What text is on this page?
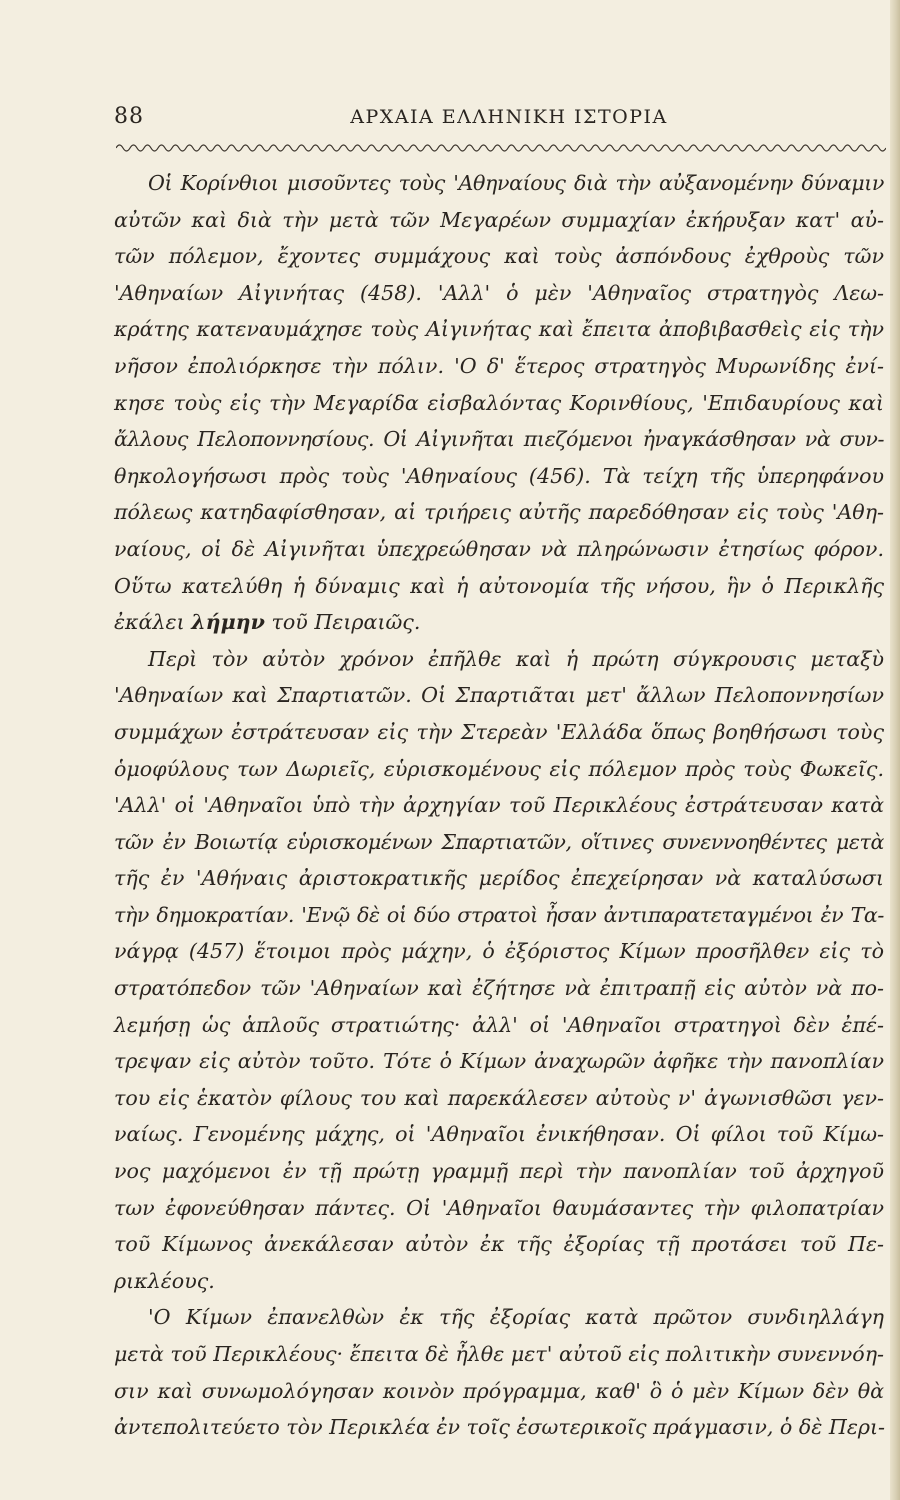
88	ΑΡΧΑΙΑ ΕΛΛΗΝΙΚΗ ΙΣΤΟΡΙΑ
Οἱ Κορίνθιοι μισοῦντες τοὺς 'Αθηναίους διὰ τὴν αὐξανομένην δύναμιν
αὐτῶν καὶ διὰ τὴν μετὰ τῶν Μεγαρέων συμμαχίαν ἐκήρυξαν κατ' αὐ-
τῶν πόλεμον, ἔχοντες συμμάχους καὶ τοὺς ἀσπόνδους ἐχθροὺς τῶν
'Αθηναίων Αἰγινήτας (458). 'Αλλ' ὁ μὲν 'Αθηναῖος στρατηγὸς Λεω-
κράτης κατεναυμάχησε τοὺς Αἰγινήτας καὶ ἔπειτα ἀποβιβασθεὶς εἰς τὴν
νῆσον ἐπολιόρκησε τὴν πόλιν. 'Ο δ' ἕτερος στρατηγὸς Μυρωνίδης ἐνί-
κησε τοὺς εἰς τὴν Μεγαρίδα εἰσβαλόντας Κορινθίους, 'Επιδαυρίους καὶ
ἄλλους Πελοποννησίους. Οἱ Αἰγινῆται πιεζόμενοι ἠναγκάσθησαν νὰ συν-
θηκολογήσωσι πρὸς τοὺς 'Αθηναίους (456). Τὰ τείχη τῆς ὑπερηφάνου
πόλεως κατηδαφίσθησαν, αἱ τριήρεις αὐτῆς παρεδόθησαν εἰς τοὺς 'Αθη-
ναίους, οἱ δὲ Αἰγινῆται ὑπεχρεώθησαν νὰ πληρώνωσιν ἐτησίως φόρον.
Οὕτω κατελύθη ἡ δύναμις καὶ ἡ αὐτονομία τῆς νήσου, ἣν ὁ Περικλῆς
ἐκάλει λήμην τοῦ Πειραιῶς.
Περὶ τὸν αὐτὸν χρόνον ἐπῆλθε καὶ ἡ πρώτη σύγκρουσις μεταξὺ
'Αθηναίων καὶ Σπαρτιατῶν. Οἱ Σπαρτιᾶται μετ' ἄλλων Πελοποννησίων
συμμάχων ἐστράτευσαν εἰς τὴν Στερεὰν 'Ελλάδα ὅπως βοηθήσωσι τοὺς
ὁμοφύλους των Δωριεῖς, εὑρισκομένους εἰς πόλεμον πρὸς τοὺς Φωκεῖς.
'Αλλ' οἱ 'Αθηναῖοι ὑπὸ τὴν ἀρχηγίαν τοῦ Περικλέους ἐστράτευσαν κατὰ
τῶν ἐν Βοιωτίᾳ εὑρισκομένων Σπαρτιατῶν, οἵτινες συνεννοηθέντες μετὰ
τῆς ἐν 'Αθήναις ἀριστοκρατικῆς μερίδος ἐπεχείρησαν νὰ καταλύσωσι
τὴν δημοκρατίαν. 'Ενῷ δὲ οἱ δύο στρατοὶ ἦσαν ἀντιπαρατεταγμένοι ἐν Τα-
νάγρᾳ (457) ἕτοιμοι πρὸς μάχην, ὁ ἐξόριστος Κίμων προσῆλθεν εἰς τὸ
στρατόπεδον τῶν 'Αθηναίων καὶ ἐζήτησε νὰ ἐπιτραπῇ εἰς αὐτὸν νὰ πο-
λεμήσῃ ὡς ἁπλοῦς στρατιώτης· ἀλλ' οἱ 'Αθηναῖοι στρατηγοὶ δὲν ἐπέ-
τρεψαν εἰς αὐτὸν τοῦτο. Τότε ὁ Κίμων ἀναχωρῶν ἀφῆκε τὴν πανοπλίαν
του εἰς ἑκατὸν φίλους του καὶ παρεκάλεσεν αὐτοὺς ν' ἀγωνισθῶσι γεν-
ναίως. Γενομένης μάχης, οἱ 'Αθηναῖοι ἐνικήθησαν. Οἱ φίλοι τοῦ Κίμω-
νος μαχόμενοι ἐν τῇ πρώτῃ γραμμῇ περὶ τὴν πανοπλίαν τοῦ ἀρχηγοῦ
των ἐφονεύθησαν πάντες. Οἱ 'Αθηναῖοι θαυμάσαντες τὴν φιλοπατρίαν
τοῦ Κίμωνος ἀνεκάλεσαν αὐτὸν ἐκ τῆς ἐξορίας τῇ προτάσει τοῦ Πε-
ρικλέους.
'Ο Κίμων ἐπανελθὼν ἐκ τῆς ἐξορίας κατὰ πρῶτον συνδιηλλάγη
μετὰ τοῦ Περικλέους· ἔπειτα δὲ ἦλθε μετ' αὐτοῦ εἰς πολιτικὴν συνεννόη-
σιν καὶ συνωμολόγησαν κοινὸν πρόγραμμα, καθ' ὃ ὁ μὲν Κίμων δὲν θὰ
ἀντεπολιτεύετο τὸν Περικλέα ἐν τοῖς ἐσωτερικοῖς πράγμασιν, ὁ δὲ Περι-
